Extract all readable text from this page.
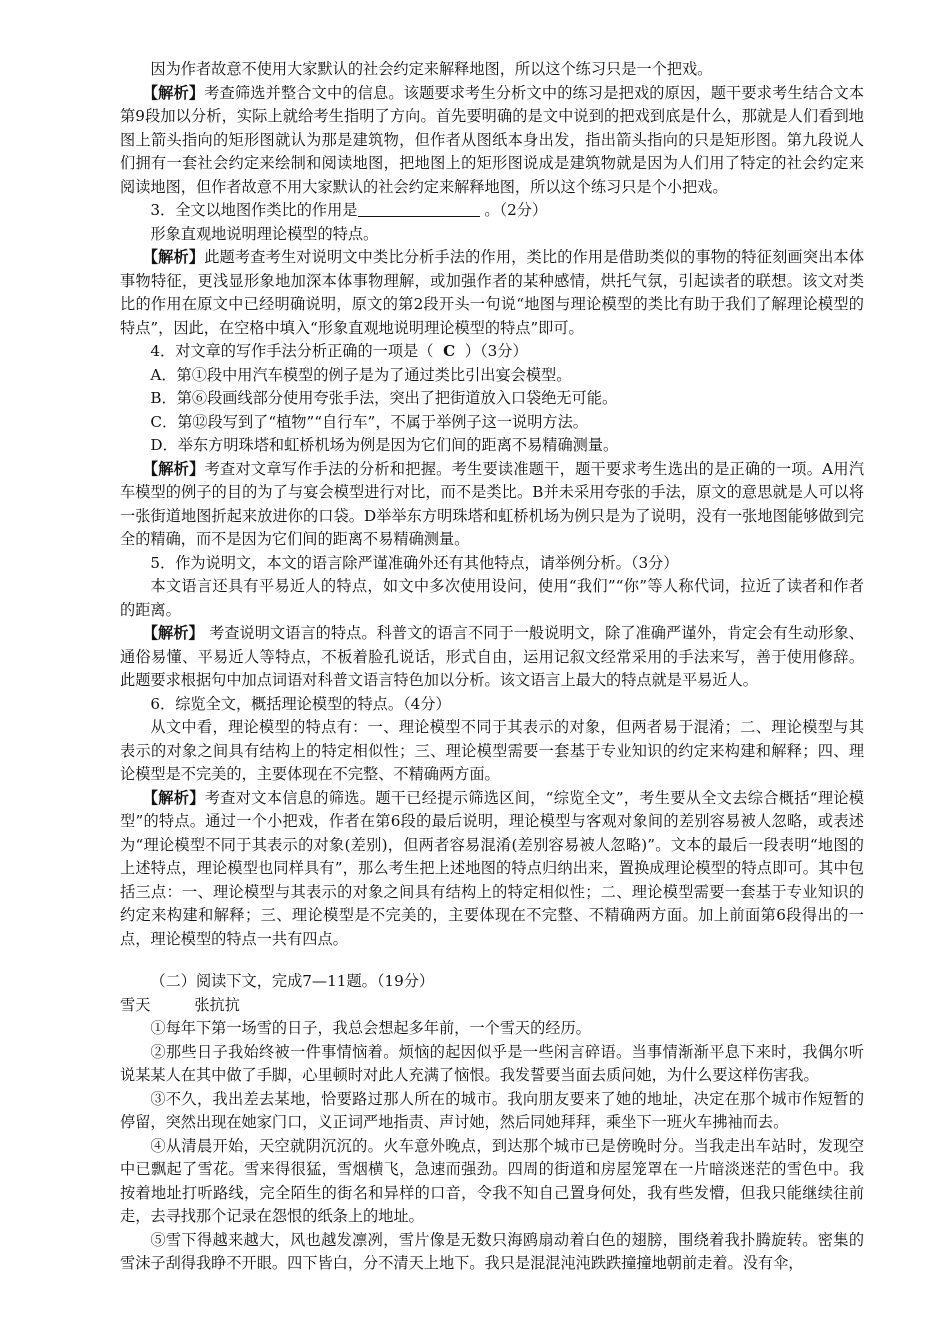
因为作者故意不使用大家默认的社会约定来解释地图，所以这个练习只是一个把戏。

【解析】考查筛选并整合文中的信息。该题要求考生分析文中的练习是把戏的原因，题干要求考生结合文本第9段加以分析，实际上就给考生指明了方向。首先要明确的是文中说到的把戏到底是什么，那就是人们看到地图上箭头指向的矩形图就认为那是建筑物，但作者从图纸本身出发，指出箭头指向的只是矩形图。第九段说人们拥有一套社会约定来绘制和阅读地图，把地图上的矩形图说成是建筑物就是因为人们用了特定的社会约定来阅读地图，但作者故意不用大家默认的社会约定来解释地图，所以这个练习只是个小把戏。

3．全文以地图作类比的作用是	。（2分）

形象直观地说明理论模型的特点。

【解析】此题考查考生对说明文中类比分析手法的作用，类比的作用是借助类似的事物的特征刻画突出本体事物特征，更浅显形象地加深本体事物理解，或加强作者的某种感情，烘托气氛，引起读者的联想。该文对类比的作用在原文中已经明确说明，原文的第2段开头一句说“地图与理论模型的类比有助于我们了解理论模型的特点”，因此，在空格中填入“形象直观地说明理论模型的特点”即可。

4．对文章的写作手法分析正确的一项是（ C ）（3分）

A．第①段中用汽车模型的例子是为了通过类比引出宴会模型。

B．第⑥段画线部分使用夸张手法，突出了把街道放入口袋绝无可能。

C．第⑫段写到了“植物”“自行车”，不属于举例子这一说明方法。

D．举东方明珠塔和虹桥机场为例是因为它们间的距离不易精确测量。

【解析】考查对文章写作手法的分析和把握。考生要读准题干，题干要求考生选出的是正确的一项。A用汽车模型的例子的目的为了与宴会模型进行对比，而不是类比。B并未采用夸张的手法，原文的意思就是人可以将一张街道地图折起来放进你的口袋。D举举东方明珠塔和虹桥机场为例只是为了说明，没有一张地图能够做到完全的精确，而不是因为它们间的距离不易精确测量。

5．作为说明文，本文的语言除严谨准确外还有其他特点，请举例分析。（3分）

本文语言还具有平易近人的特点，如文中多次使用设问，使用“我们”“你”等人称代词，拉近了读者和作者的距离。

【解析】 考查说明文语言的特点。科普文的语言不同于一般说明文，除了准确严谨外，肯定会有生动形象、通俗易懂、平易近人等特点，不板着脸孔说话，形式自由，运用记叙文经常采用的手法来写，善于使用修辞。此题要求根据句中加点词语对科普文语言特色加以分析。该文语言上最大的特点就是平易近人。

6．综览全文，概括理论模型的特点。（4分）

从文中看，理论模型的特点有：一、理论模型不同于其表示的对象，但两者易于混淆；二、理论模型与其表示的对象之间具有结构上的特定相似性；三、理论模型需要一套基于专业知识的约定来构建和解释；四、理论模型是不完美的，主要体现在不完整、不精确两方面。

【解析】考查对文本信息的筛选。题干已经提示筛选区间，“综览全文”，考生要从全文去综合概括“理论模型”的特点。通过一个小把戏，作者在第6段的最后说明，理论模型与客观对象间的差别容易被人忽略，或表述为“理论模型不同于其表示的对象(差别)，但两者容易混淆(差别容易被人忽略)”。文本的最后一段表明“地图的上述特点，理论模型也同样具有”，那么考生把上述地图的特点归纳出来，置换成理论模型的特点即可。其中包括三点：一、理论模型与其表示的对象之间具有结构上的特定相似性；二、理论模型需要一套基于专业知识的约定来构建和解释；三、理论模型是不完美的，主要体现在不完整、不精确两方面。加上前面第6段得出的一点，理论模型的特点一共有四点。

（二）阅读下文，完成7—11题。（19分）

雪天	张抗抗

①每年下第一场雪的日子，我总会想起多年前，一个雪天的经历。

②那些日子我始终被一件事情恼着。烦恼的起因似乎是一些闲言碎语。当事情渐渐平息下来时，我偶尔听说某某人在其中做了手脚，心里顿时对此人充满了恼恨。我发誓要当面去质问她，为什么要这样伤害我。

③不久，我出差去某地，恰要路过那人所在的城市。我向朋友要来了她的地址，决定在那个城市作短暂的停留，突然出现在她家门口，义正词严地指责、声讨她，然后同她拜拜，乘坐下一班火车拂袖而去。

④从清晨开始，天空就阴沉沉的。火车意外晚点，到达那个城市已是傍晚时分。当我走出车站时，发现空中已飘起了雪花。雪来得很猛，雪烟横飞，急速而强劲。四周的街道和房屋笼罩在一片暗淡迷茫的雪色中。我按着地址打听路线，完全陌生的街名和异样的口音，令我不知自己置身何处，我有些发懵，但我只能继续往前走，去寻找那个记录在怨恨的纸条上的地址。

⑤雪下得越来越大，风也越发凛冽，雪片像是无数只海鸥扇动着白色的翅膀，围绕着我扑腾旋转。密集的雪沫子刮得我睁不开眼。四下皆白，分不清天上地下。我只是混混沌沌跌跌撞撞地朝前走着。没有伞，
